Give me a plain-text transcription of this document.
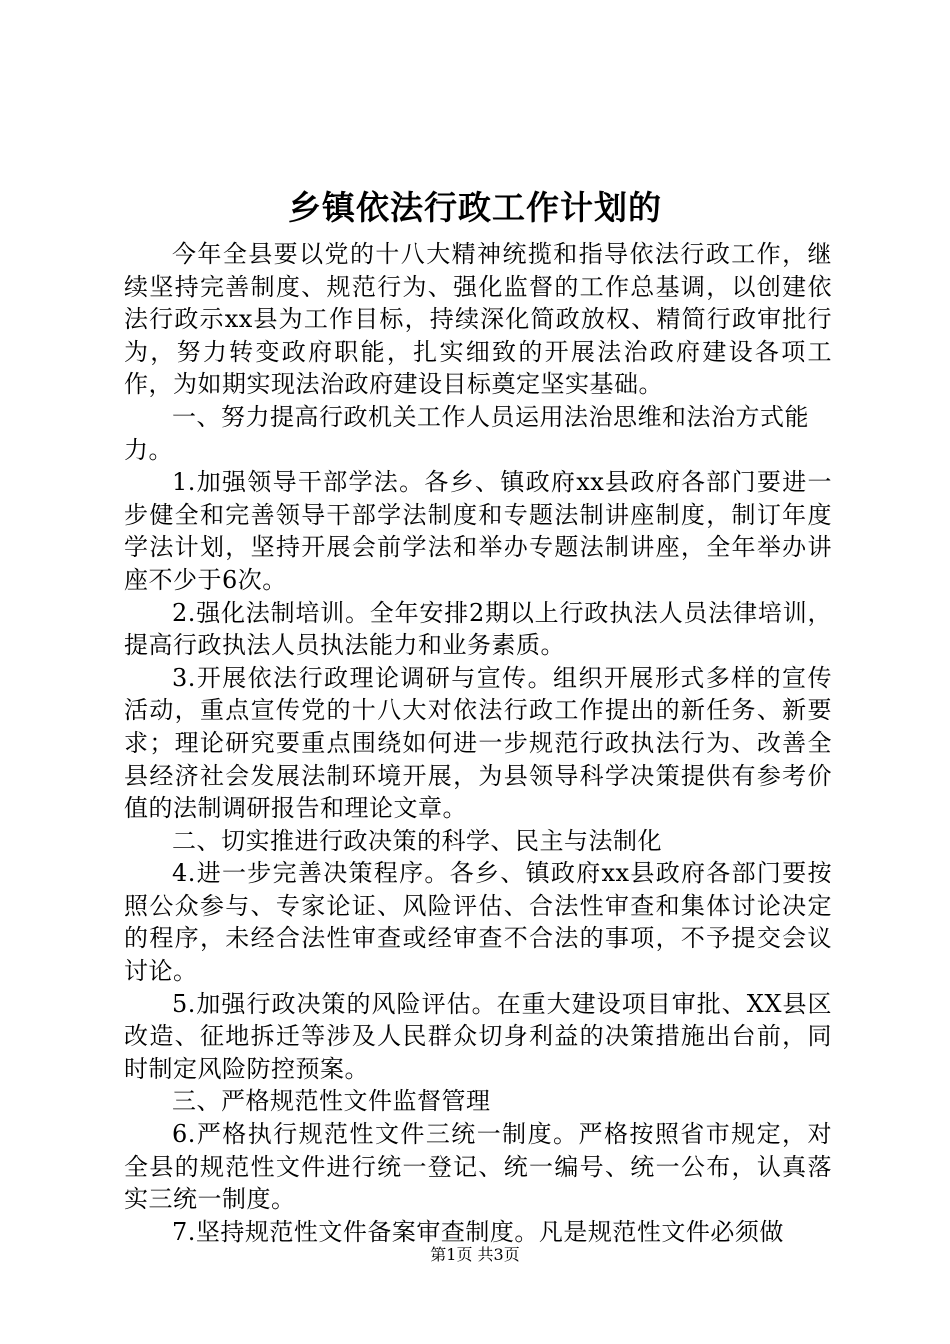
乡镇依法行政工作计划的

今年全县要以党的十八大精神统揽和指导依法行政工作，继续坚持完善制度、规范行为、强化监督的工作总基调，以创建依法行政示xx县为工作目标，持续深化简政放权、精简行政审批行为，努力转变政府职能，扎实细致的开展法治政府建设各项工作，为如期实现法治政府建设目标奠定坚实基础。

一、努力提高行政机关工作人员运用法治思维和法治方式能力。

1.加强领导干部学法。各乡、镇政府xx县政府各部门要进一步健全和完善领导干部学法制度和专题法制讲座制度，制订年度学法计划，坚持开展会前学法和举办专题法制讲座，全年举办讲座不少于6次。

2.强化法制培训。全年安排2期以上行政执法人员法律培训，提高行政执法人员执法能力和业务素质。

3.开展依法行政理论调研与宣传。组织开展形式多样的宣传活动，重点宣传党的十八大对依法行政工作提出的新任务、新要求；理论研究要重点围绕如何进一步规范行政执法行为、改善全县经济社会发展法制环境开展，为县领导科学决策提供有参考价值的法制调研报告和理论文章。

二、切实推进行政决策的科学、民主与法制化

4.进一步完善决策程序。各乡、镇政府xx县政府各部门要按照公众参与、专家论证、风险评估、合法性审查和集体讨论决定的程序，未经合法性审查或经审查不合法的事项，不予提交会议讨论。

5.加强行政决策的风险评估。在重大建设项目审批、XX县区改造、征地拆迁等涉及人民群众切身利益的决策措施出台前，同时制定风险防控预案。

三、严格规范性文件监督管理

6.严格执行规范性文件三统一制度。严格按照省市规定，对全县的规范性文件进行统一登记、统一编号、统一公布，认真落实三统一制度。

7.坚持规范性文件备案审查制度。凡是规范性文件必须做

第1页 共3页
